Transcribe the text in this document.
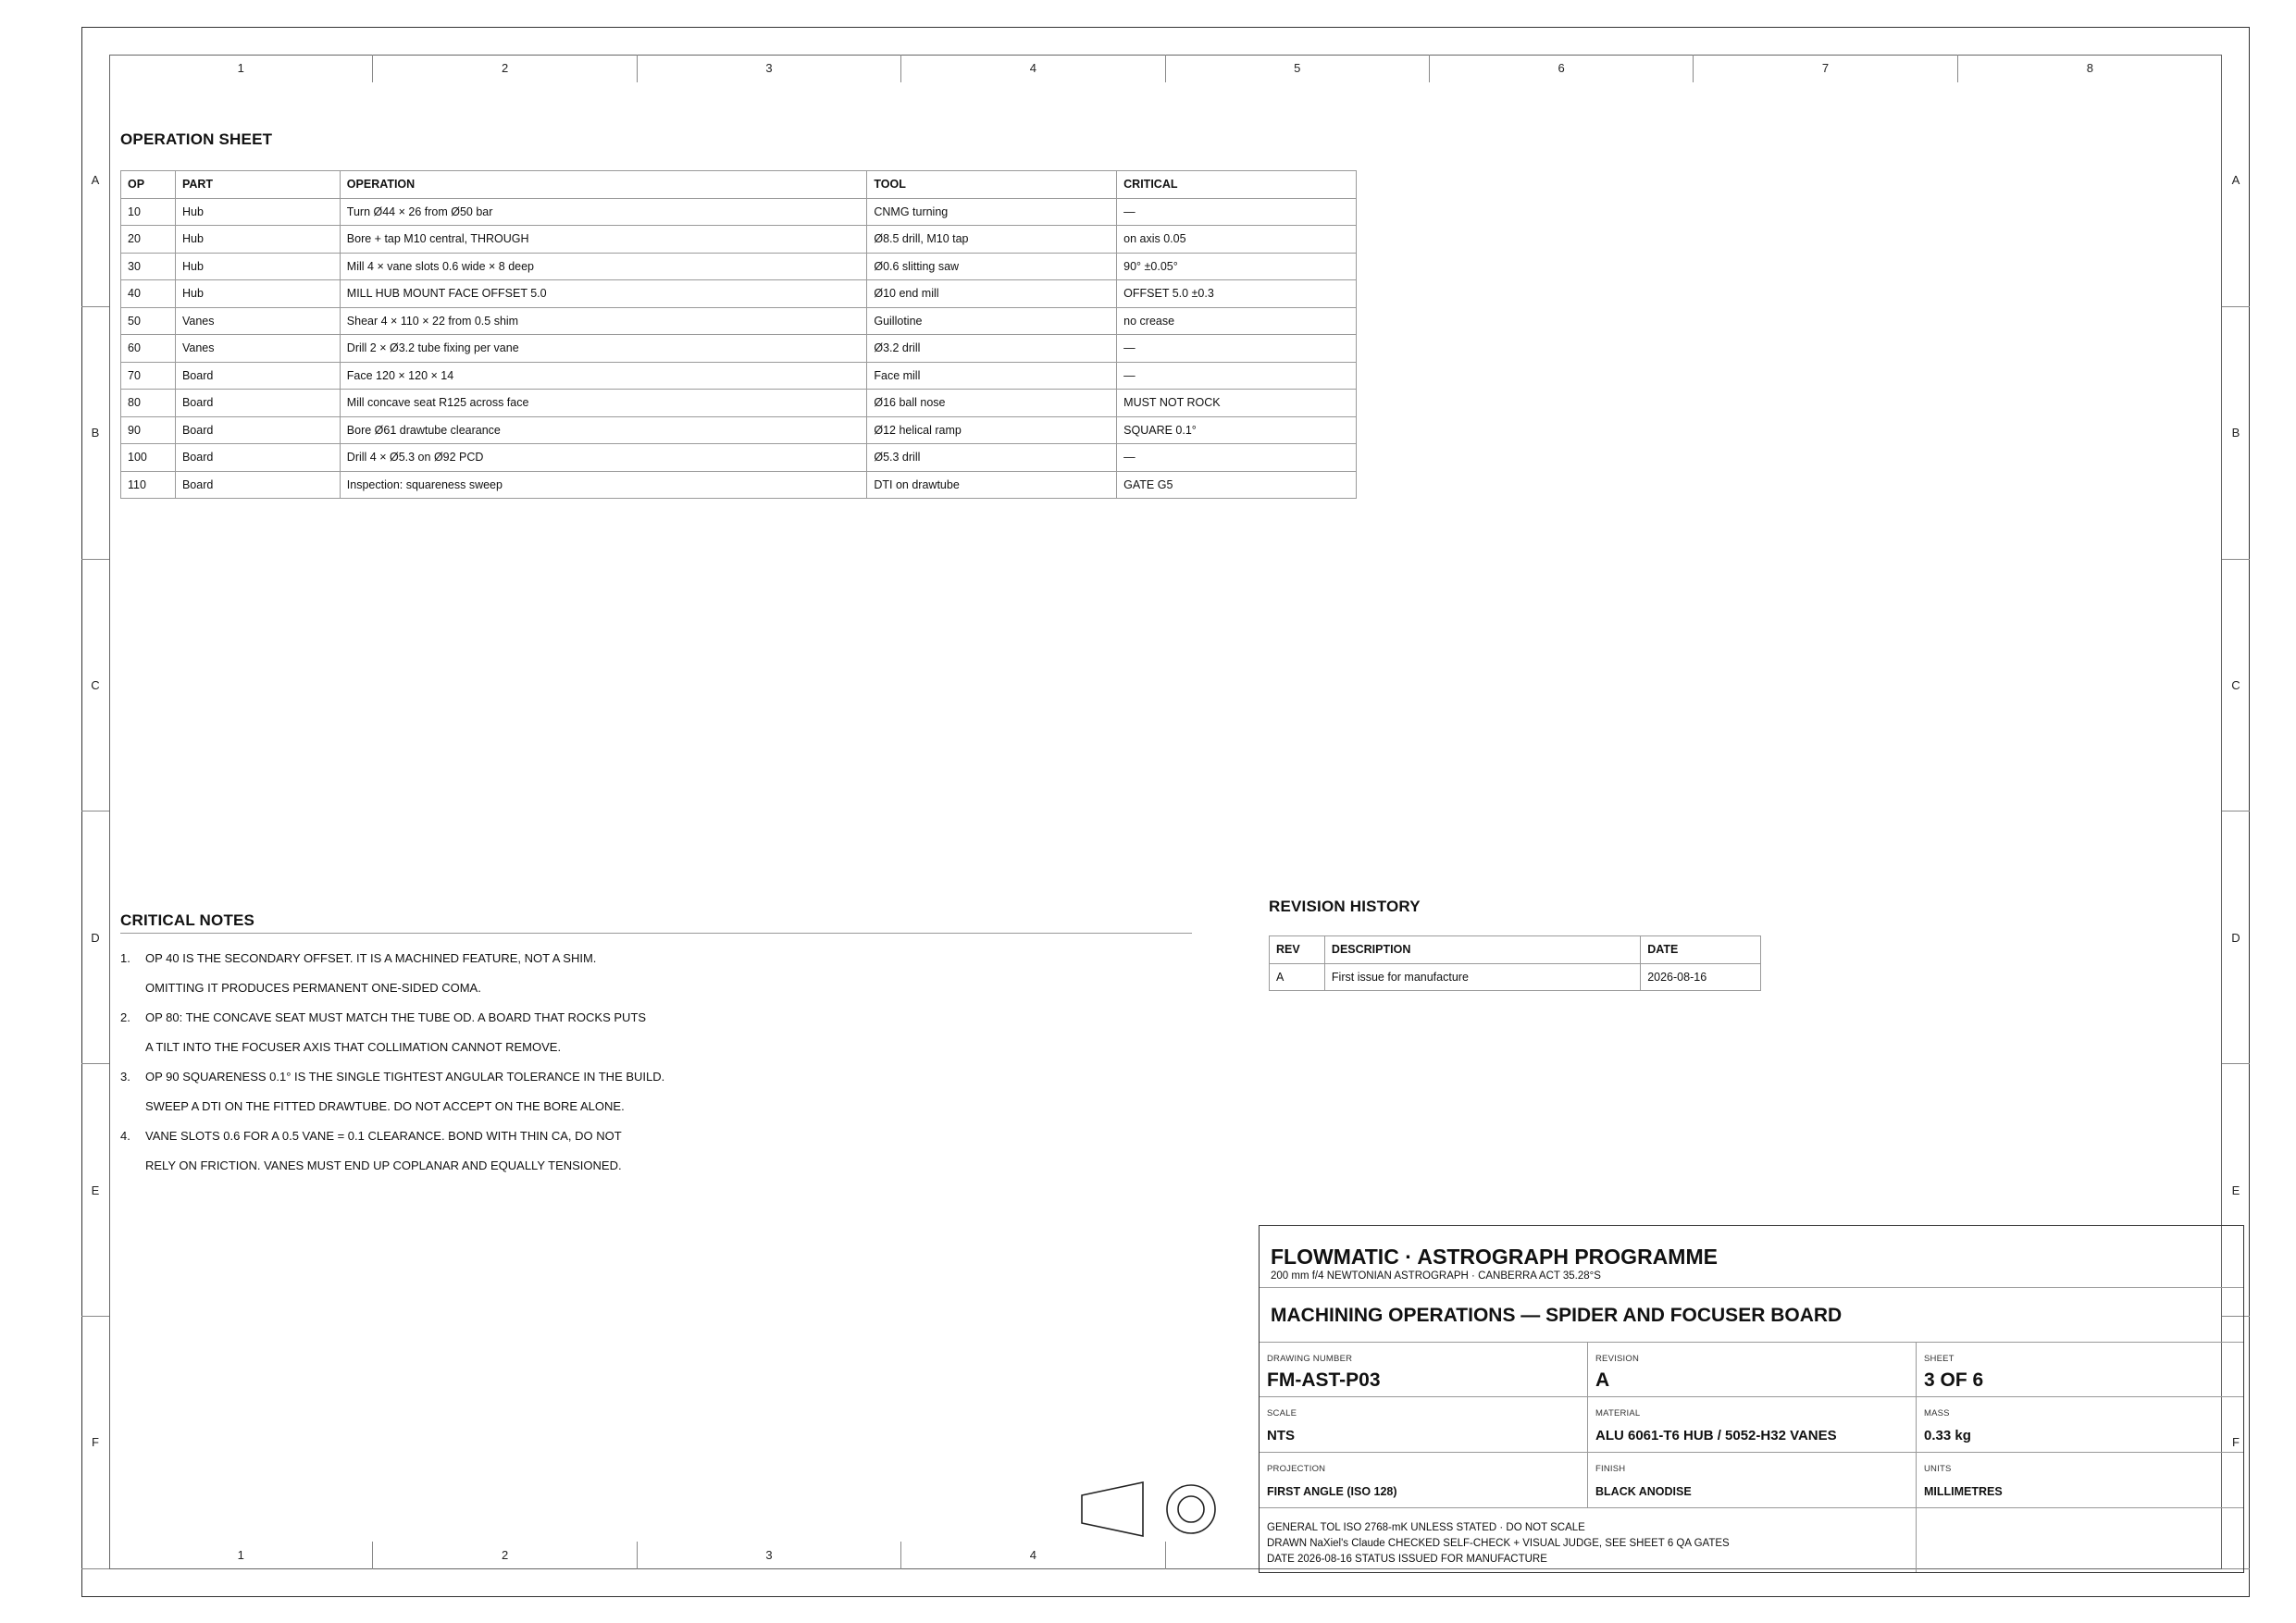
1	2	3	4	5	6	7	8
1	2	3	4
A
B
C
D
E
F
A
B
C
D
E
F
OPERATION SHEET
OP	PART	OPERATION	TOOL	CRITICAL
10	Hub	Turn Ø44 × 26 from Ø50 bar	CNMG turning	—
20	Hub	Bore + tap M10 central, THROUGH	Ø8.5 drill, M10 tap	on axis 0.05
30	Hub	Mill 4 × vane slots 0.6 wide × 8 deep	Ø0.6 slitting saw	90° ±0.05°
40	Hub	MILL HUB MOUNT FACE OFFSET 5.0	Ø10 end mill	OFFSET 5.0 ±0.3
50	Vanes	Shear 4 × 110 × 22 from 0.5 shim	Guillotine	no crease
60	Vanes	Drill 2 × Ø3.2 tube fixing per vane	Ø3.2 drill	—
70	Board	Face 120 × 120 × 14	Face mill	—
80	Board	Mill concave seat R125 across face	Ø16 ball nose	MUST NOT ROCK
90	Board	Bore Ø61 drawtube clearance	Ø12 helical ramp	SQUARE 0.1°
100	Board	Drill 4 × Ø5.3 on Ø92 PCD	Ø5.3 drill	—
110	Board	Inspection: squareness sweep	DTI on drawtube	GATE G5
CRITICAL NOTES
1.	OP 40 IS THE SECONDARY OFFSET. IT IS A MACHINED FEATURE, NOT A SHIM.
OMITTING IT PRODUCES PERMANENT ONE-SIDED COMA.
2.	OP 80: THE CONCAVE SEAT MUST MATCH THE TUBE OD. A BOARD THAT ROCKS PUTS
A TILT INTO THE FOCUSER AXIS THAT COLLIMATION CANNOT REMOVE.
3.	OP 90 SQUARENESS 0.1° IS THE SINGLE TIGHTEST ANGULAR TOLERANCE IN THE BUILD.
SWEEP A DTI ON THE FITTED DRAWTUBE. DO NOT ACCEPT ON THE BORE ALONE.
4.	VANE SLOTS 0.6 FOR A 0.5 VANE = 0.1 CLEARANCE. BOND WITH THIN CA, DO NOT
RELY ON FRICTION. VANES MUST END UP COPLANAR AND EQUALLY TENSIONED.
REVISION HISTORY
REV	DESCRIPTION	DATE
A	First issue for manufacture	2026-08-16
FLOWMATIC · ASTROGRAPH PROGRAMME
200 mm f/4 NEWTONIAN ASTROGRAPH · CANBERRA ACT 35.28°S
MACHINING OPERATIONS — SPIDER AND FOCUSER BOARD
DRAWING NUMBER
FM-AST-P03
REVISION
A
SHEET
3 OF 6
SCALE
NTS
MATERIAL
ALU 6061-T6 HUB / 5052-H32 VANES
MASS
0.33 kg
PROJECTION
FIRST ANGLE (ISO 128)
FINISH
BLACK ANODISE
UNITS
MILLIMETRES
GENERAL TOL ISO 2768-mK UNLESS STATED · DO NOT SCALE
DRAWN NaXiel's Claude CHECKED SELF-CHECK + VISUAL JUDGE, SEE SHEET 6 QA GATES
DATE 2026-08-16 STATUS ISSUED FOR MANUFACTURE
